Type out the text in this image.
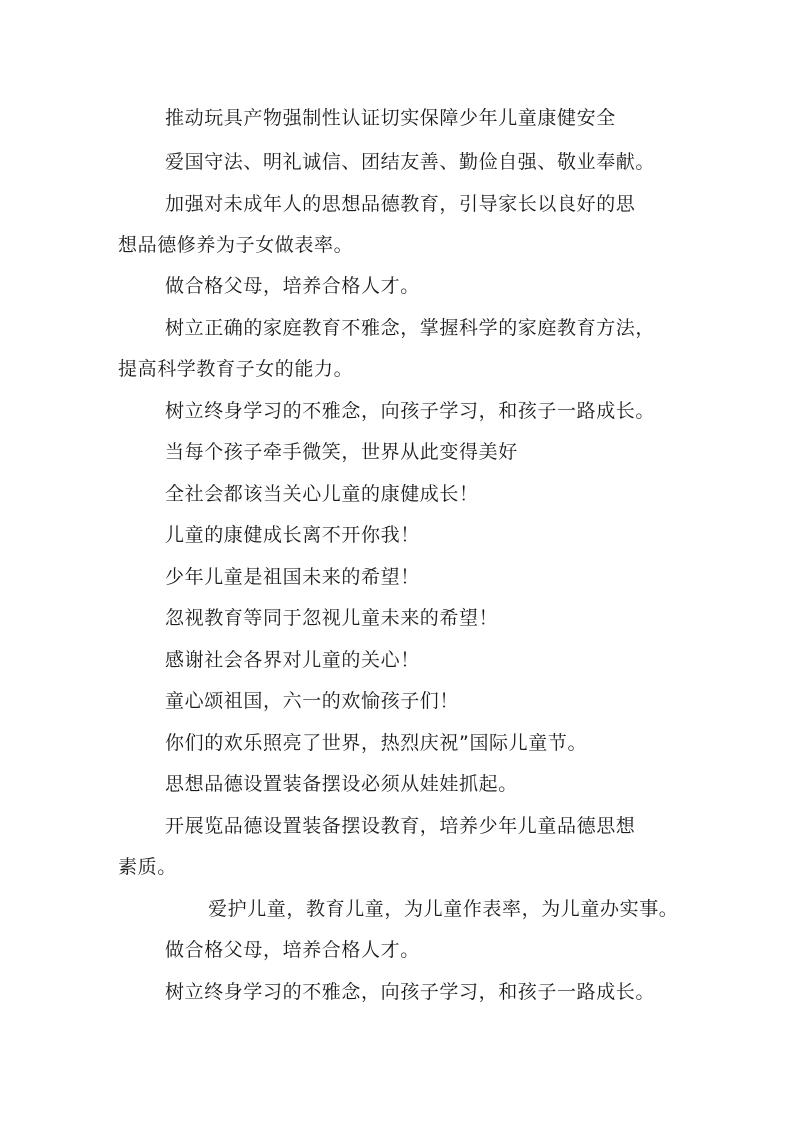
推动玩具产物强制性认证切实保障少年儿童康健安全
爱国守法、明礼诚信、团结友善、勤俭自强、敬业奉献。
加强对未成年人的思想品德教育，引导家长以良好的思
想品德修养为子女做表率。
做合格父母，培养合格人才。
树立正确的家庭教育不雅念，掌握科学的家庭教育方法，
提高科学教育子女的能力。
树立终身学习的不雅念，向孩子学习，和孩子一路成长。
当每个孩子牵手微笑，世界从此变得美好
全社会都该当关心儿童的康健成长！
儿童的康健成长离不开你我！
少年儿童是祖国未来的希望！
忽视教育等同于忽视儿童未来的希望！
感谢社会各界对儿童的关心！
童心颂祖国，六一的欢愉孩子们！
你们的欢乐照亮了世界，热烈庆祝”国际儿童节。
思想品德设置装备摆设必须从娃娃抓起。
开展览品德设置装备摆设教育，培养少年儿童品德思想
素质。
爱护儿童，教育儿童，为儿童作表率，为儿童办实事。
做合格父母，培养合格人才。
树立终身学习的不雅念，向孩子学习，和孩子一路成长。
